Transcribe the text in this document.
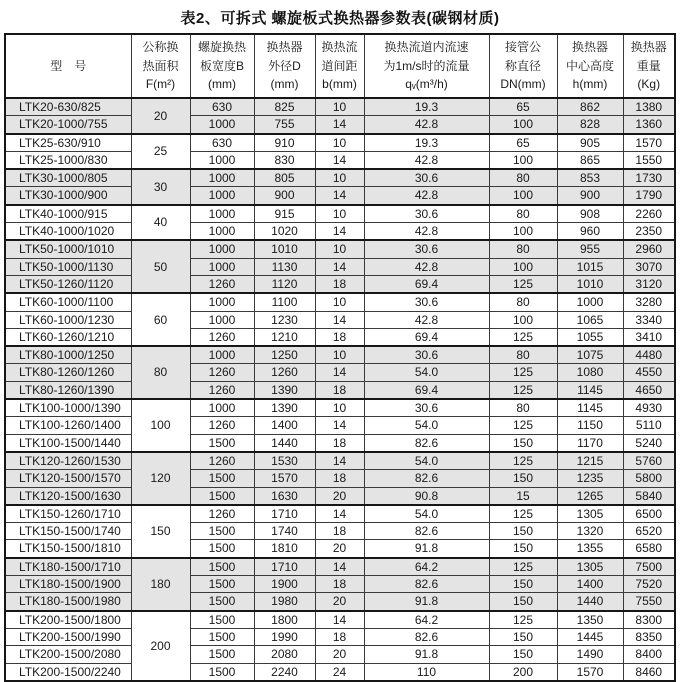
表2、可拆式 螺旋板式换热器参数表(碳钢材质)
型　号

公称换
热面积
F(m²)

螺旋换热
板宽度B
(mm)

换热器
外径D
(mm)

换热流
道间距
b(mm)

换热流道内流速
为1m/s时的流量
qᵥ(m³/h)

接管公
称直径
DN(mm)

换热器
中心高度
h(mm)

换热器
重量
(Kg)

LTK20-630/825	20	630	825	10	19.3	65	862	1380
LTK20-1000/755		1000	755	14	42.8	100	828	1360
LTK25-630/910	25	630	910	10	19.3	65	905	1570
LTK25-1000/830		1000	830	14	42.8	100	865	1550
LTK30-1000/805	30	1000	805	10	30.6	80	853	1730
LTK30-1000/900		1000	900	14	42.8	100	900	1790
LTK40-1000/915	40	1000	915	10	30.6	80	908	2260
LTK40-1000/1020		1000	1020	14	42.8	100	960	2350
LTK50-1000/1010	50	1000	1010	10	30.6	80	955	2960
LTK50-1000/1130		1000	1130	14	42.8	100	1015	3070
LTK50-1260/1120		1260	1120	18	69.4	125	1010	3120
LTK60-1000/1100	60	1000	1100	10	30.6	80	1000	3280
LTK60-1000/1230		1000	1230	14	42.8	100	1065	3340
LTK60-1260/1210		1260	1210	18	69.4	125	1055	3410
LTK80-1000/1250	80	1000	1250	10	30.6	80	1075	4480
LTK80-1260/1260		1260	1260	14	54.0	125	1080	4550
LTK80-1260/1390		1260	1390	18	69.4	125	1145	4650
LTK100-1000/1390	100	1000	1390	10	30.6	80	1145	4930
LTK100-1260/1400		1260	1400	14	54.0	125	1150	5110
LTK100-1500/1440		1500	1440	18	82.6	150	1170	5240
LTK120-1260/1530	120	1260	1530	14	54.0	125	1215	5760
LTK120-1500/1570		1500	1570	18	82.6	150	1235	5800
LTK120-1500/1630		1500	1630	20	90.8	15	1265	5840
LTK150-1260/1710	150	1260	1710	14	54.0	125	1305	6500
LTK150-1500/1740		1500	1740	18	82.6	150	1320	6520
LTK150-1500/1810		1500	1810	20	91.8	150	1355	6580
LTK180-1500/1710	180	1500	1710	14	64.2	125	1305	7500
LTK180-1500/1900		1500	1900	18	82.6	150	1400	7520
LTK180-1500/1980		1500	1980	20	91.8	150	1440	7550
LTK200-1500/1800	200	1500	1800	14	64.2	125	1350	8300
LTK200-1500/1990		1500	1990	18	82.6	150	1445	8350
LTK200-1500/2080		1500	2080	20	91.8	150	1490	8400
LTK200-1500/2240		1500	2240	24	110	200	1570	8460
